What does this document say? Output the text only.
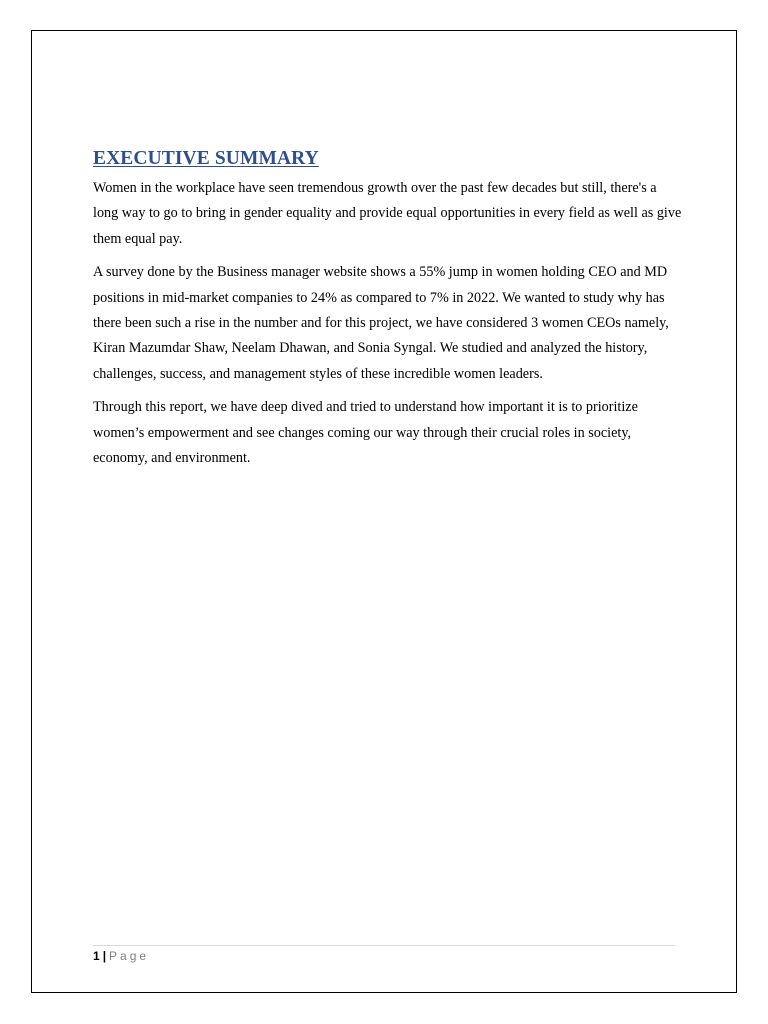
EXECUTIVE SUMMARY

Women in the workplace have seen tremendous growth over the past few decades but still, there's a long way to go to bring in gender equality and provide equal opportunities in every field as well as give them equal pay.

A survey done by the Business manager website shows a 55% jump in women holding CEO and MD positions in mid-market companies to 24% as compared to 7% in 2022. We wanted to study why has there been such a rise in the number and for this project, we have considered 3 women CEOs namely, Kiran Mazumdar Shaw, Neelam Dhawan, and Sonia Syngal. We studied and analyzed the history, challenges, success, and management styles of these incredible women leaders.

Through this report, we have deep dived and tried to understand how important it is to prioritize women’s empowerment and see changes coming our way through their crucial roles in society, economy, and environment.

1 | Page
